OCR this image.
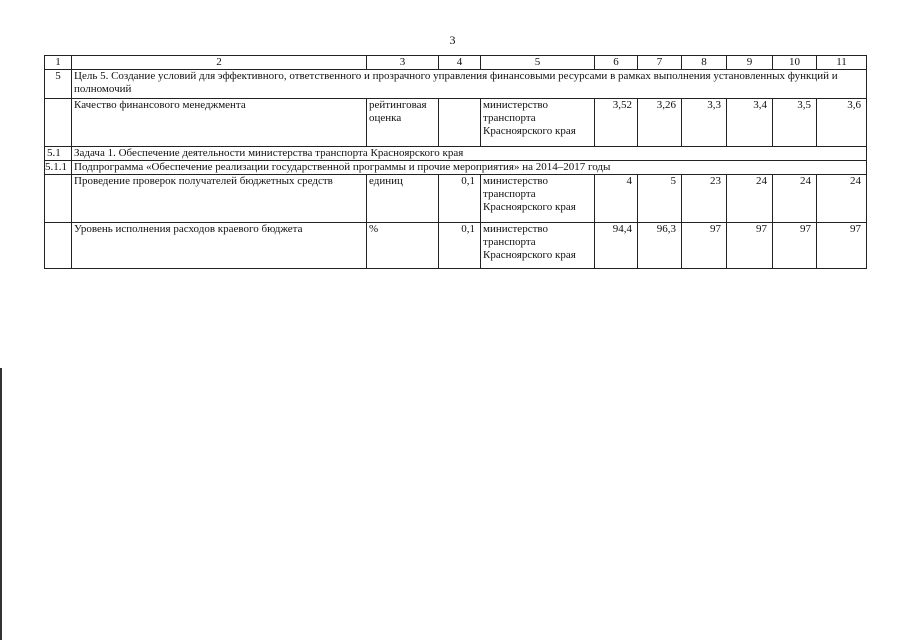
3
1	2	3	4	5	6	7	8	9	10	11
5	Цель 5. Создание условий для эффективного, ответственного и прозрачного управления финансовыми ресурсами в рамках выполнения установленных функций и полномочий									
	Качество финансового менеджмента	рейтинговая оценка		министерство транспорта Красноярского края	3,52	3,26	3,3	3,4	3,5	3,6
5.1	Задача 1. Обеспечение деятельности министерства транспорта Красноярского края									
5.1.1	Подпрограмма «Обеспечение реализации государственной программы и прочие мероприятия» на 2014–2017 годы									
	Проведение проверок получателей бюджетных средств	единиц	0,1	министерство транспорта Красноярского края	4	5	23	24	24	24
	Уровень исполнения расходов краевого бюджета	%	0,1	министерство транспорта Красноярского края	94,4	96,3	97	97	97	97
